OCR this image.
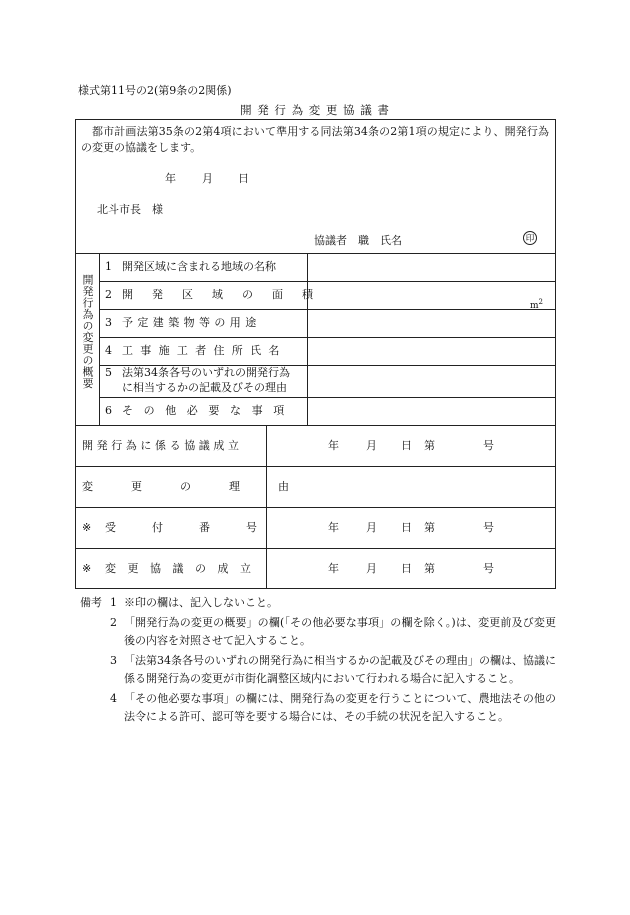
様式第11号の2(第9条の2関係)
開 発 行 為 変 更 協 議 書
都市計画法第35条の2第4項において準用する同法第34条の2第1項の規定により、開発行為の変更の協議をします。
年 月 日
北斗市長　様
協議者　職　氏名	印
開発行為の変更の概要
1 開発区域に含まれる地域の名称
2 開発区域の面積
$m^2$
3 予定建築物等の用途
4 工事施工者住所氏名
5 法第34条各号のいずれの開発行為
に相当するかの記載及びその理由
6 その他必要な事項
開発行為に係る協議成立	年 月 日 第	号
変更の理由
※ 受付番号	年 月 日 第	号
※ 変更協議の成立	年 月 日 第	号
備考 1 ※印の欄は、記入しないこと。
2 「開発行為の変更の概要」の欄(「その他必要な事項」の欄を除く。)は、変更前及び変更後の内容を対照させて記入すること。
3 「法第34条各号のいずれの開発行為に相当するかの記載及びその理由」の欄は、協議に係る開発行為の変更が市街化調整区域内において行われる場合に記入すること。
4 「その他必要な事項」の欄には、開発行為の変更を行うことについて、農地法その他の法令による許可、認可等を要する場合には、その手続の状況を記入すること。
